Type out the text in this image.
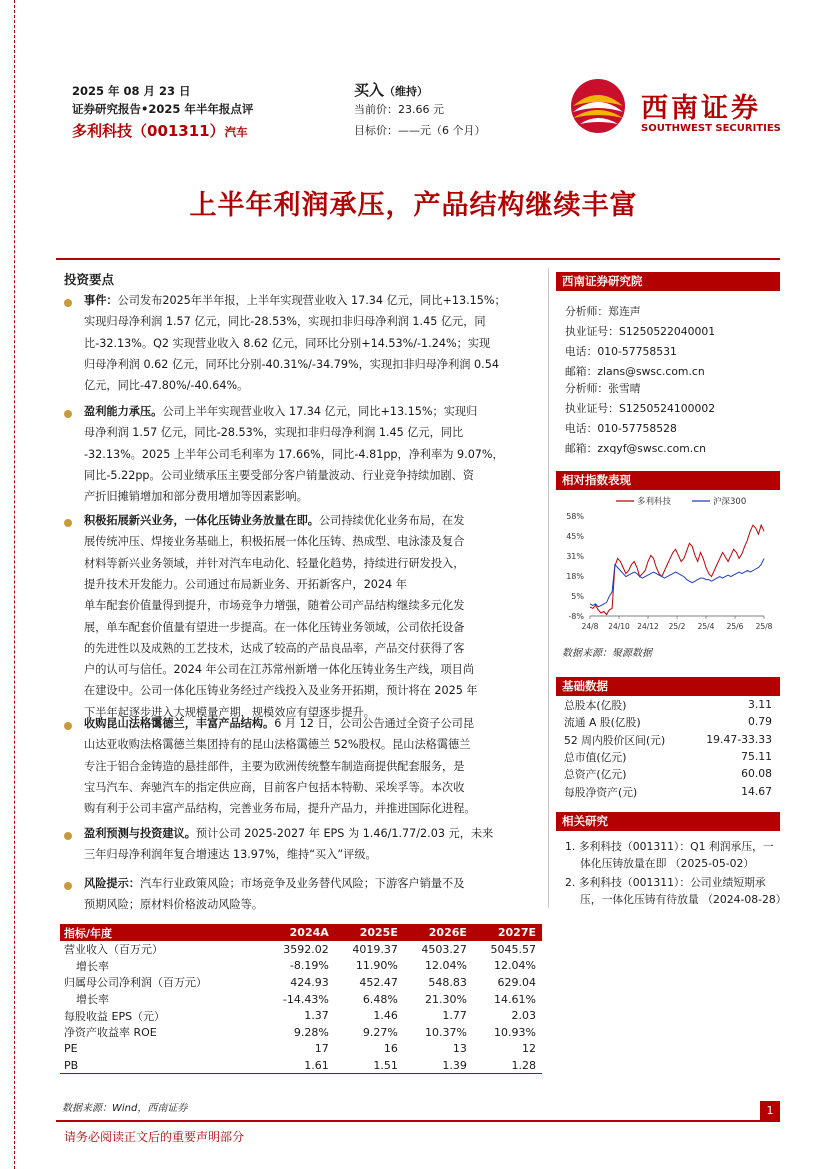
2025 年 08 月 23 日
证券研究报告•2025 年半年报点评
多利科技（001311）汽车
买入（维持）
当前价：23.66 元
目标价：——元（6 个月）
西南证券
SOUTHWEST SECURITIES
上半年利润承压，产品结构继续丰富
投资要点
事件：公司发布2025年半年报，上半年实现营业收入 17.34 亿元，同比+13.15%；
实现归母净利润 1.57 亿元，同比-28.53%，实现扣非归母净利润 1.45 亿元，同
比-32.13%。Q2 实现营业收入 8.62 亿元，同环比分别+14.53%/-1.24%；实现
归母净利润 0.62 亿元，同环比分别-40.31%/-34.79%，实现扣非归母净利润 0.54
亿元，同比-47.80%/-40.64%。
盈利能力承压。公司上半年实现营业收入 17.34 亿元，同比+13.15%；实现归
母净利润 1.57 亿元，同比-28.53%，实现扣非归母净利润 1.45 亿元，同比
-32.13%。2025 上半年公司毛利率为 17.66%，同比-4.81pp，净利率为 9.07%，
同比-5.22pp。公司业绩承压主要受部分客户销量波动、行业竞争持续加剧、资
产折旧摊销增加和部分费用增加等因素影响。
积极拓展新兴业务，一体化压铸业务放量在即。公司持续优化业务布局，在发
展传统冲压、焊接业务基础上，积极拓展一体化压铸、热成型、电泳漆及复合
材料等新兴业务领域，并针对汽车电动化、轻量化趋势，持续进行研发投入，
提升技术开发能力。公司通过布局新业务、开拓新客户，2024 年
单车配套价值量得到提升，市场竞争力增强，随着公司产品结构继续多元化发
展，单车配套价值量有望进一步提高。在一体化压铸业务领域，公司依托设备
的先进性以及成熟的工艺技术，达成了较高的产品良品率，产品交付获得了客
户的认可与信任。2024 年公司在江苏常州新增一体化压铸业务生产线，项目尚
在建设中。公司一体化压铸业务经过产线投入及业务开拓期，预计将在 2025 年
下半年起逐步进入大规模量产期，规模效应有望逐步提升。
收购昆山法格霭德兰，丰富产品结构。6 月 12 日，公司公告通过全资子公司昆
山达亚收购法格霭德兰集团持有的昆山法格霭德兰 52%股权。昆山法格霭德兰
专注于铝合金铸造的悬挂部件，主要为欧洲传统整车制造商提供配套服务，是
宝马汽车、奔驰汽车的指定供应商，目前客户包括本特勒、采埃孚等。本次收
购有利于公司丰富产品结构，完善业务布局，提升产品力，并推进国际化进程。
盈利预测与投资建议。预计公司 2025-2027 年 EPS 为 1.46/1.77/2.03 元，未来
三年归母净利润年复合增速达 13.97%，维持“买入”评级。
风险提示：汽车行业政策风险；市场竞争及业务替代风险；下游客户销量不及
预期风险；原材料价格波动风险等。
指标/年度	2024A	2025E	2026E	2027E
营业收入（百万元）	3592.02	4019.37	4503.27	5045.57
增长率	-8.19%	11.90%	12.04%	12.04%
归属母公司净利润（百万元）	424.93	452.47	548.83	629.04
增长率	-14.43%	6.48%	21.30%	14.61%
每股收益 EPS（元）	1.37	1.46	1.77	2.03
净资产收益率 ROE	9.28%	9.27%	10.37%	10.93%
PE	17	16	13	12
PB	1.61	1.51	1.39	1.28
数据来源：Wind，西南证券
西南证券研究院
分析师：郑连声
执业证号：S1250522040001
电话：010-57758531
邮箱：zlans@swsc.com.cn
分析师：张雪晴
执业证号：S1250524100002
电话：010-57758528
邮箱：zxqyf@swsc.com.cn
相对指数表现
-8%
5%
18%
31%
45%
58%
24/8 24/10 24/12 25/2 25/4 25/6 25/8
多利科技	沪深300
数据来源：聚源数据
基础数据
总股本(亿股)	3.11
流通 A 股(亿股)	0.79
52 周内股价区间(元)	19.47-33.33
总市值(亿元)	75.11
总资产(亿元)	60.08
每股净资产(元)	14.67
相关研究
1. 多利科技（001311）：Q1 利润承压，一
体化压铸放量在即 （2025-05-02）
2. 多利科技（001311）：公司业绩短期承
压，一体化压铸有待放量 （2024-08-28）
1
请务必阅读正文后的重要声明部分
